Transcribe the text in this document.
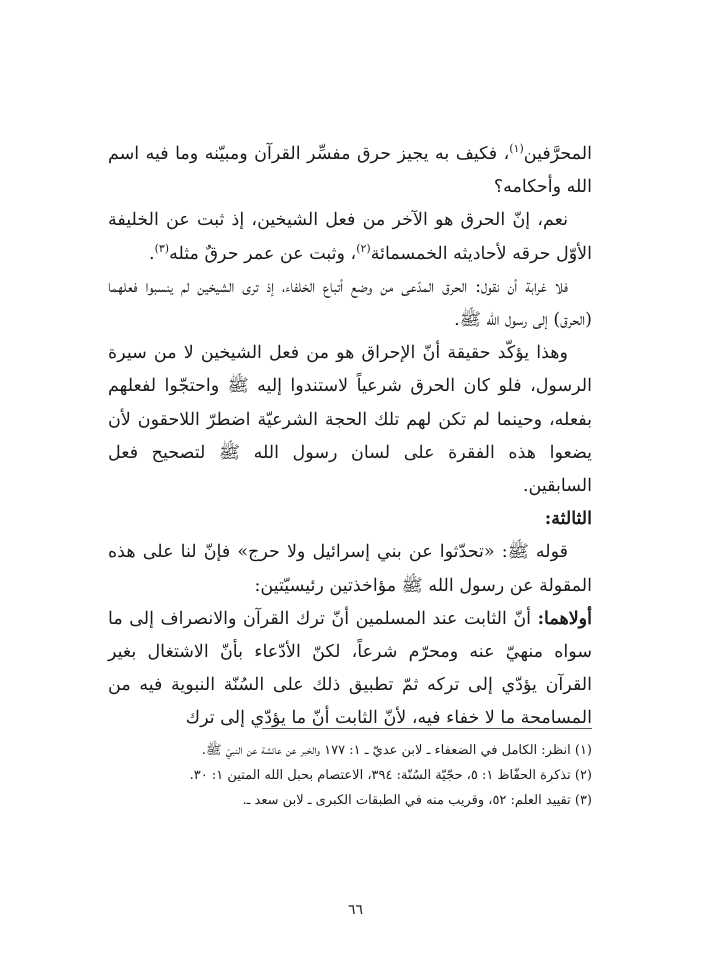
المحرَّفين$^{(١)}$، فكيف به يجيز حرق مفسِّر القرآن ومبيّنه وما فيه اسم الله وأحكامه؟

نعم، إنّ الحرق هو الآخر من فعل الشيخين، إذ ثبت عن الخليفة الأوّل حرقه لأحاديثه الخمسمائة$^{(٢)}$، وثبت عن عمر حرقٌ مثله$^{(٣)}$.

فلا غرابة أن نقول: الحرق المدّعى من وضع أتباع الخلفاء، إذ ترى الشيخين لم ينسبوا فعلهما (الحرق) إلى رسول الله ﷺ.

وهذا يؤكّد حقيقة أنّ الإحراق هو من فعل الشيخين لا من سيرة الرسول، فلو كان الحرق شرعياً لاستندوا إليه ﷺ واحتجّوا لفعلهم بفعله، وحينما لم تكن لهم تلك الحجة الشرعيّة اضطرّ اللاحقون لأن يضعوا هذه الفقرة على لسان رسول الله ﷺ لتصحيح فعل السابقين.

الثالثة:

قوله ﷺ: «تحدّثوا عن بني إسرائيل ولا حرج» فإنّ لنا على هذه المقولة عن رسول الله ﷺ مؤاخذتين رئيسيّتين:

أولاهما: أنّ الثابت عند المسلمين أنّ ترك القرآن والانصراف إلى ما سواه منهيّ عنه ومحرّم شرعاً، لكنّ الأدّعاء بأنّ الاشتغال بغير القرآن يؤدّي إلى تركه ثمّ تطبيق ذلك على السُنّة النبوية فيه من المسامحة ما لا خفاء فيه، لأنّ الثابت أنّ ما يؤدّي إلى ترك

(١) انظر: الكامل في الضعفاء ـ لابن عديّ ـ ١: ١٧٧ والخبر عن عائشة عن النبيّ ﷺ.

(٢) تذكرة الحفّاظ ١: ٥، حجّيّة السُنّة: ٣٩٤، الاعتصام بحبل الله المتين ١: ٣٠.

(٣) تقييد العلم: ٥٢، وقريب منه في الطبقات الكبرى ـ لابن سعد ـ.

٦٦
